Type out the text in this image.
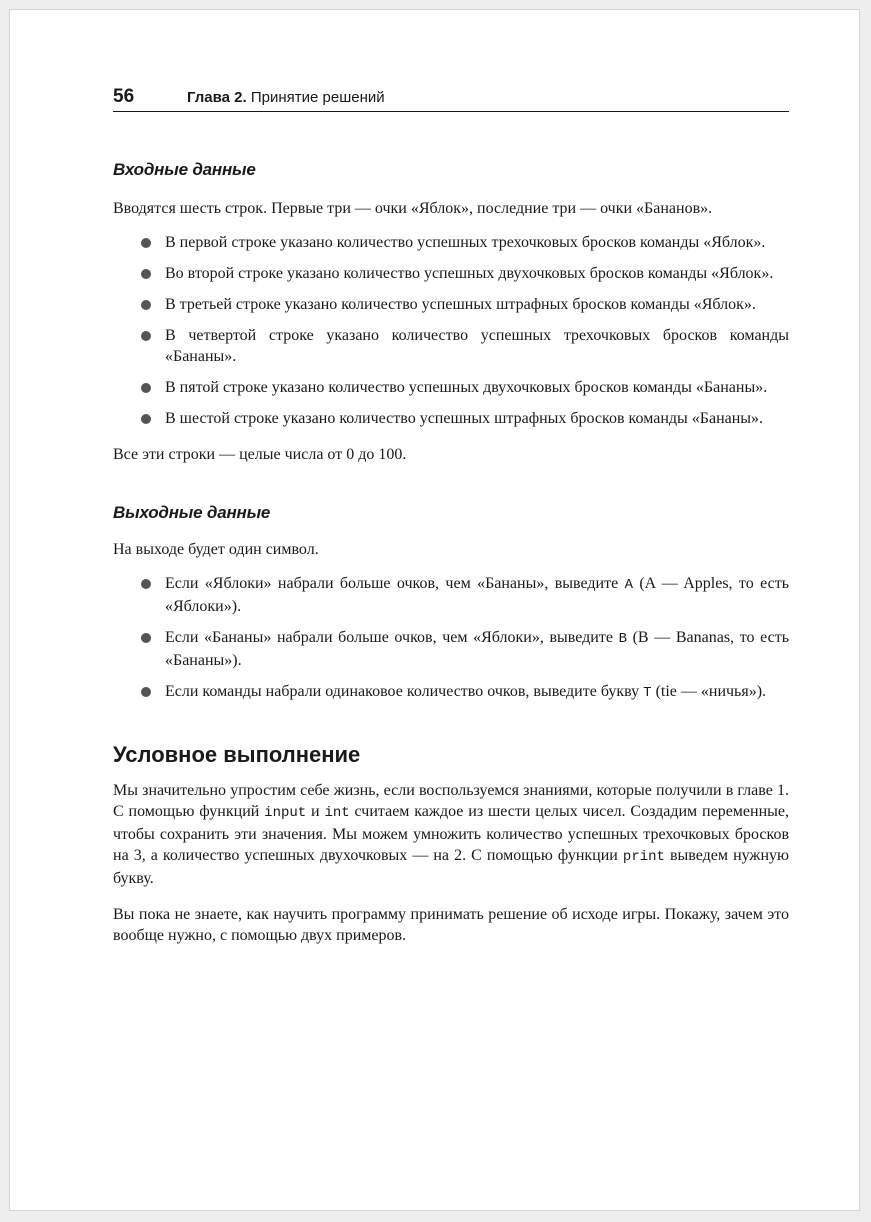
56	Глава 2. Принятие решений
Входные данные

Вводятся шесть строк. Первые три — очки «Яблок», последние три — очки «Бананов».

В первой строке указано количество успешных трехочковых бросков команды «Яблок».
Во второй строке указано количество успешных двухочковых бросков команды «Яблок».
В третьей строке указано количество успешных штрафных бросков команды «Яблок».
В четвертой строке указано количество успешных трехочковых бросков команды «Бананы».
В пятой строке указано количество успешных двухочковых бросков команды «Бананы».
В шестой строке указано количество успешных штрафных бросков команды «Бананы».

Все эти строки — целые числа от 0 до 100.

Выходные данные

На выходе будет один символ.

Если «Яблоки» набрали больше очков, чем «Бананы», выведите A (A — Apples, то есть «Яблоки»).
Если «Бананы» набрали больше очков, чем «Яблоки», выведите B (B — Bananas, то есть «Бананы»).
Если команды набрали одинаковое количество очков, выведите букву T (tie — «ничья»).
Условное выполнение

Мы значительно упростим себе жизнь, если воспользуемся знаниями, которые получили в главе 1. С помощью функций input и int считаем каждое из шести целых чисел. Создадим переменные, чтобы сохранить эти значения. Мы можем умножить количество успешных трехочковых бросков на 3, а количество успешных двухочковых — на 2. С помощью функции print выведем нужную букву.

Вы пока не знаете, как научить программу принимать решение об исходе игры. Покажу, зачем это вообще нужно, с помощью двух примеров.
